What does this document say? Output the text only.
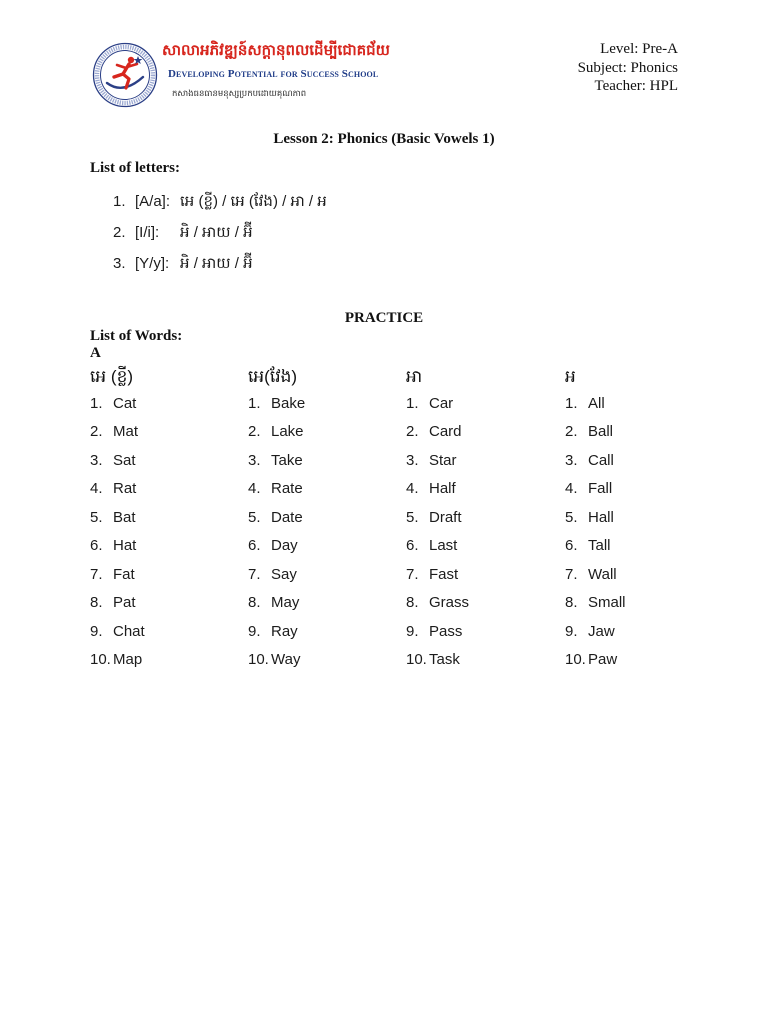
សាលាអភិវឌ្ឍន៍សក្តានុពលដើម្បីជោគជ័យ
Developing Potential for Success School
កសាងធនធានមនុស្សប្រកបដោយគុណភាព
Level: Pre-A
Subject: Phonics
Teacher: HPL
Lesson 2: Phonics (Basic Vowels 1)
List of letters:
1. [A/a]: អេ (ខ្លី) / អេ (វែង) / អា / អ
2. [I/i]: អិ / អាយ / អ៊ី
3. [Y/y]: អិ / អាយ / អ៊ី
PRACTICE
List of Words:
A
អេ (ខ្លី)
1. Cat
2. Mat
3. Sat
4. Rat
5. Bat
6. Hat
7. Fat
8. Pat
9. Chat
10. Map
អេ(វែង)
1. Bake
2. Lake
3. Take
4. Rate
5. Date
6. Day
7. Say
8. May
9. Ray
10. Way
អា
1. Car
2. Card
3. Star
4. Half
5. Draft
6. Last
7. Fast
8. Grass
9. Pass
10. Task
អ
1. All
2. Ball
3. Call
4. Fall
5. Hall
6. Tall
7. Wall
8. Small
9. Jaw
10. Paw
